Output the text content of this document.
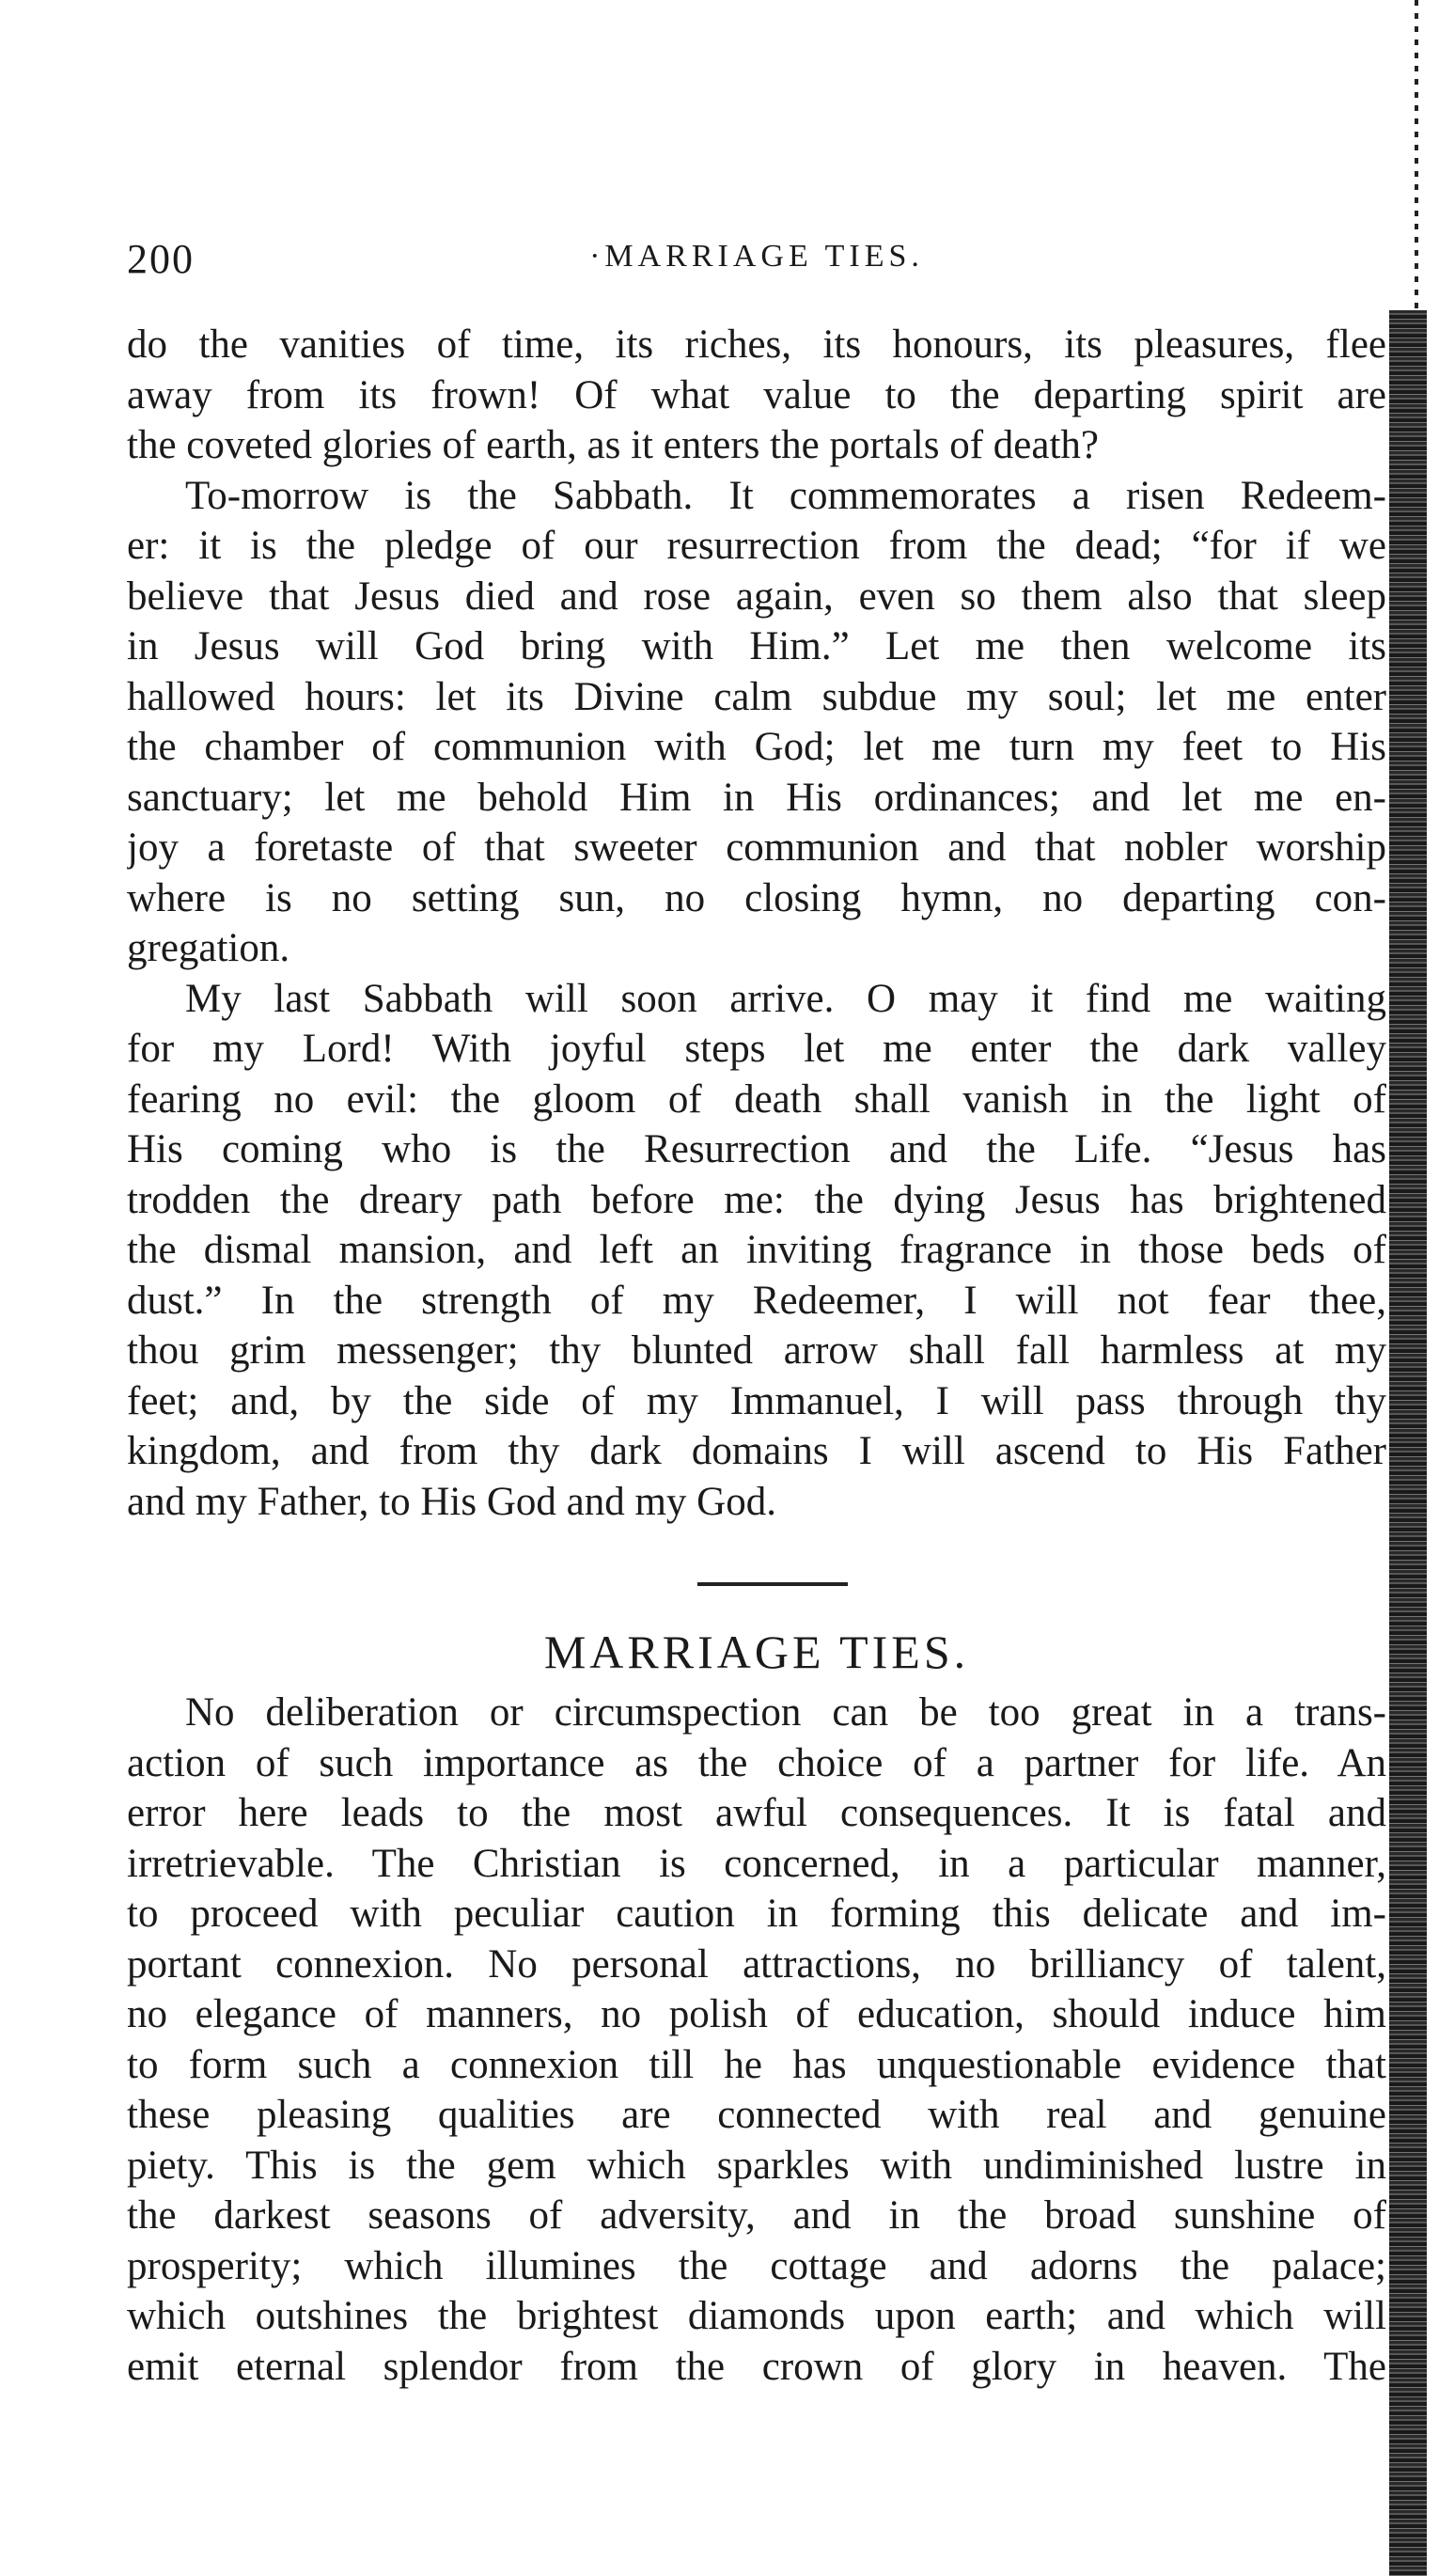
200	·MARRIAGE TIES.
do the vanities of time, its riches, its honours, its pleasures, flee
away from its frown! Of what value to the departing spirit are
the coveted glories of earth, as it enters the portals of death?
To-morrow is the Sabbath. It commemorates a risen Redeem-
er: it is the pledge of our resurrection from the dead; “for if we
believe that Jesus died and rose again, even so them also that sleep
in Jesus will God bring with Him.” Let me then welcome its
hallowed hours: let its Divine calm subdue my soul; let me enter
the chamber of communion with God; let me turn my feet to His
sanctuary; let me behold Him in His ordinances; and let me en-
joy a foretaste of that sweeter communion and that nobler worship
where is no setting sun, no closing hymn, no departing con-
gregation.
My last Sabbath will soon arrive. O may it find me waiting
for my Lord! With joyful steps let me enter the dark valley
fearing no evil: the gloom of death shall vanish in the light of
His coming who is the Resurrection and the Life. “Jesus has
trodden the dreary path before me: the dying Jesus has brightened
the dismal mansion, and left an inviting fragrance in those beds of
dust.” In the strength of my Redeemer, I will not fear thee,
thou grim messenger; thy blunted arrow shall fall harmless at my
feet; and, by the side of my Immanuel, I will pass through thy
kingdom, and from thy dark domains I will ascend to His Father
and my Father, to His God and my God.
MARRIAGE TIES.
No deliberation or circumspection can be too great in a trans-
action of such importance as the choice of a partner for life. An
error here leads to the most awful consequences. It is fatal and
irretrievable. The Christian is concerned, in a particular manner,
to proceed with peculiar caution in forming this delicate and im-
portant connexion. No personal attractions, no brilliancy of talent,
no elegance of manners, no polish of education, should induce him
to form such a connexion till he has unquestionable evidence that
these pleasing qualities are connected with real and genuine
piety. This is the gem which sparkles with undiminished lustre in
the darkest seasons of adversity, and in the broad sunshine of
prosperity; which illumines the cottage and adorns the palace;
which outshines the brightest diamonds upon earth; and which will
emit eternal splendor from the crown of glory in heaven. The
